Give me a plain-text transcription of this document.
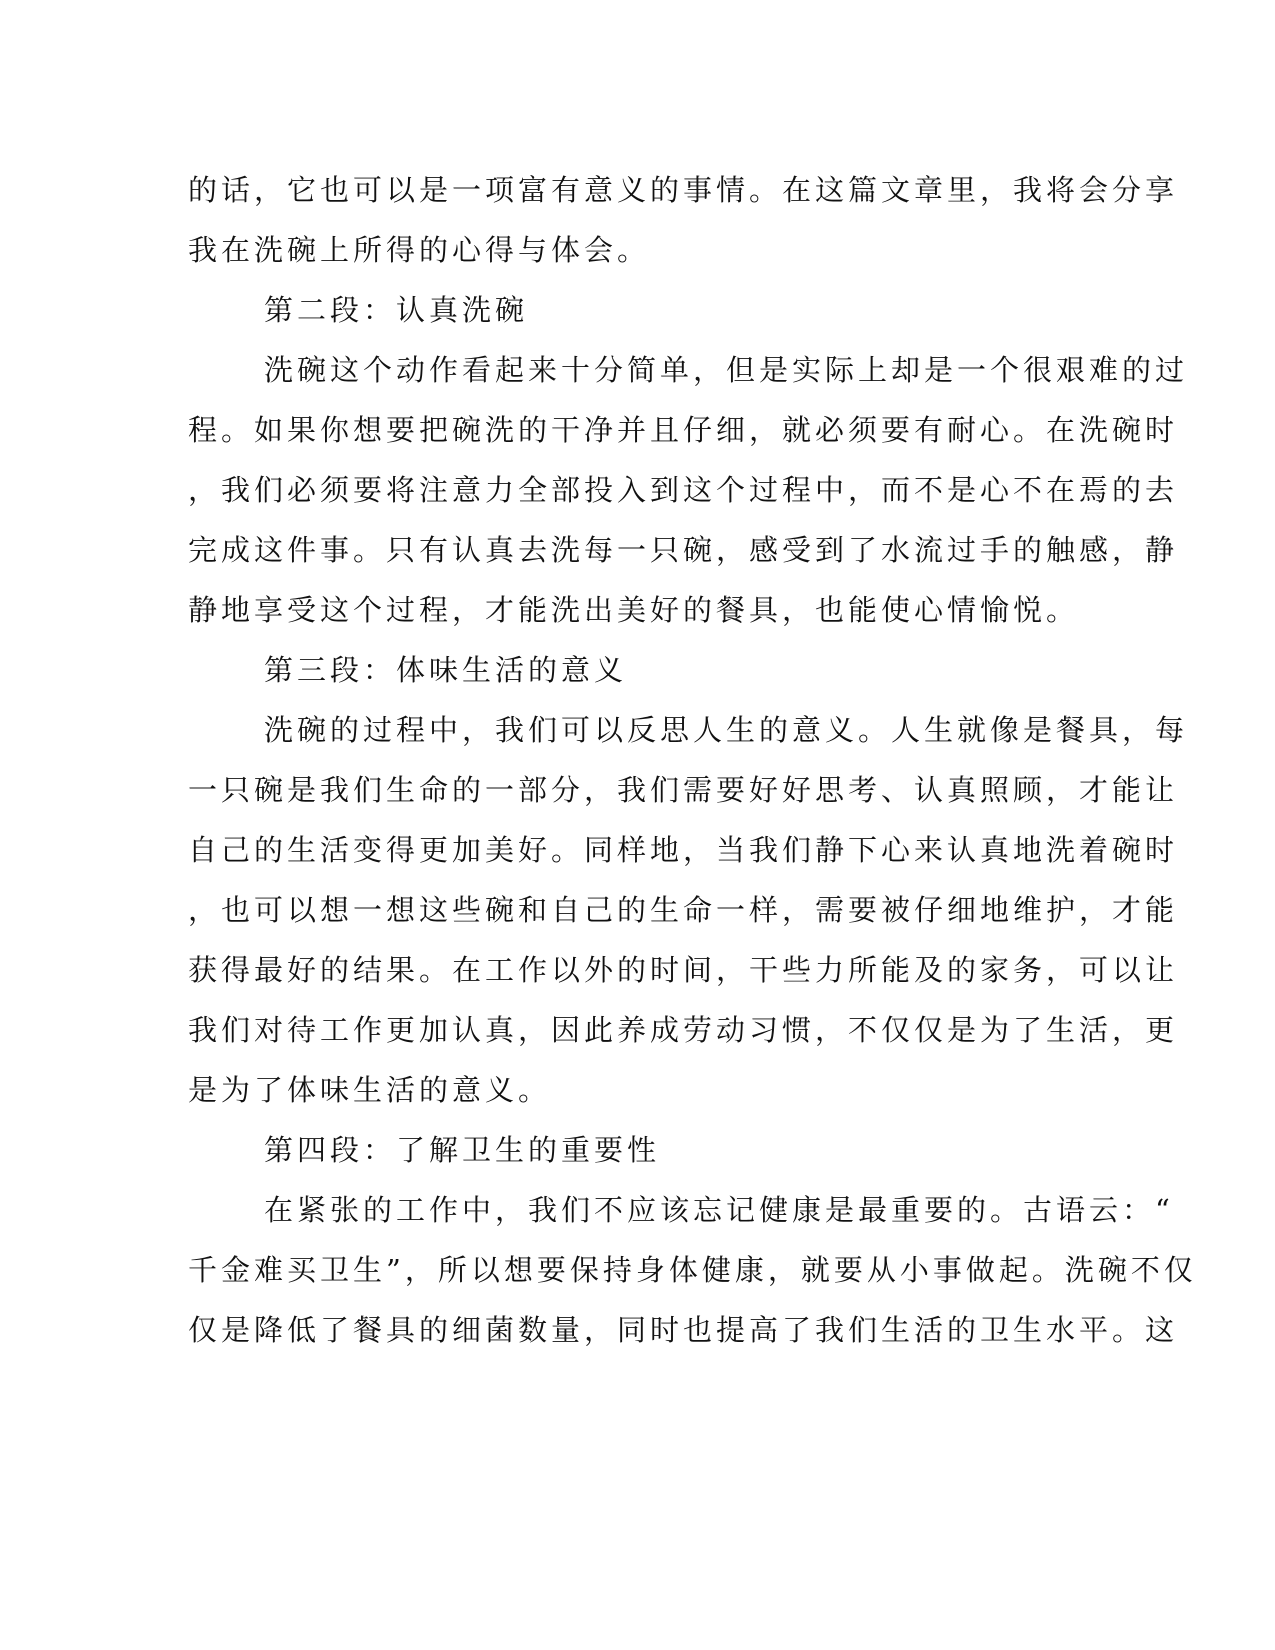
的话，它也可以是一项富有意义的事情。在这篇文章里，我将会分享
我在洗碗上所得的心得与体会。
第二段：认真洗碗
洗碗这个动作看起来十分简单，但是实际上却是一个很艰难的过
程。如果你想要把碗洗的干净并且仔细，就必须要有耐心。在洗碗时
，我们必须要将注意力全部投入到这个过程中，而不是心不在焉的去
完成这件事。只有认真去洗每一只碗，感受到了水流过手的触感，静
静地享受这个过程，才能洗出美好的餐具，也能使心情愉悦。
第三段：体味生活的意义
洗碗的过程中，我们可以反思人生的意义。人生就像是餐具，每
一只碗是我们生命的一部分，我们需要好好思考、认真照顾，才能让
自己的生活变得更加美好。同样地，当我们静下心来认真地洗着碗时
，也可以想一想这些碗和自己的生命一样，需要被仔细地维护，才能
获得最好的结果。在工作以外的时间，干些力所能及的家务，可以让
我们对待工作更加认真，因此养成劳动习惯，不仅仅是为了生活，更
是为了体味生活的意义。
第四段：了解卫生的重要性
在紧张的工作中，我们不应该忘记健康是最重要的。古语云：“
千金难买卫生”，所以想要保持身体健康，就要从小事做起。洗碗不仅
仅是降低了餐具的细菌数量，同时也提高了我们生活的卫生水平。这
